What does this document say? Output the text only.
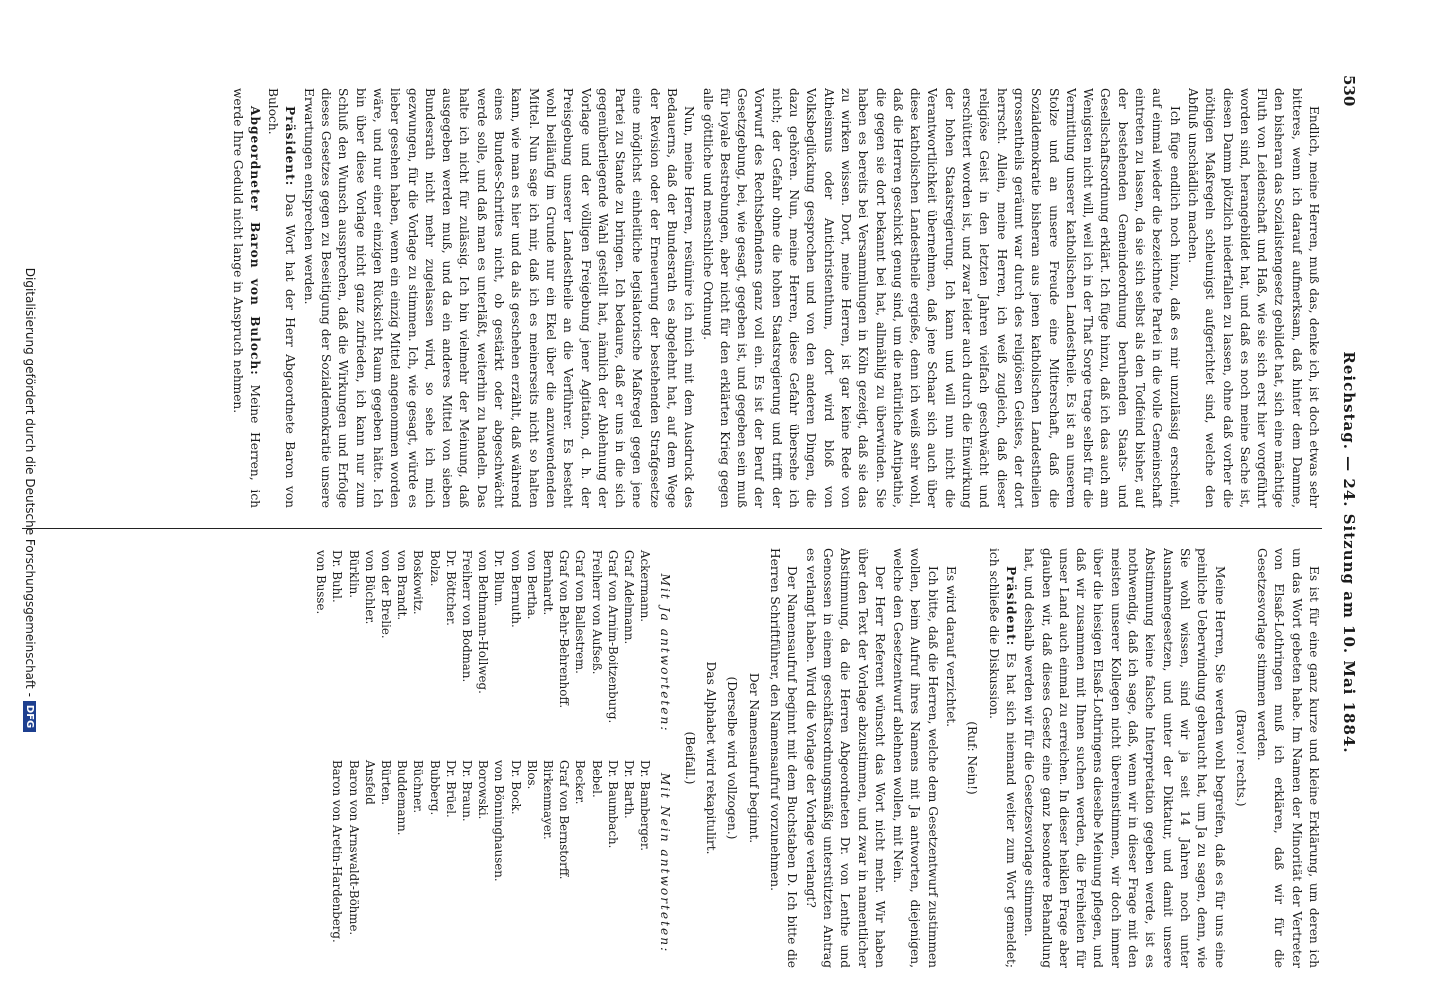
530
Reichstag. — 24. Sitzung am 10. Mai 1884.

Endlich, meine Herren, muß das, denke ich, ist doch etwas sehr bitteres, wenn ich darauf aufmerksam, daß hinter dem Damme, den bisheran das Sozialistengesetz gebildet hat, sich eine mächtige Fluth von Leidenschaft und Haß, wie sie sich erst hier vorgeführt worden sind, herangebildet hat, und daß es noch meine Sache ist, diesen Damm plötzlich niederfallen zu lassen, ohne daß vorher die nöthigen Maßregeln schleunigst aufgerichtet sind, welche den Abfluß unschädlich machen.

Ich füge endlich noch hinzu, daß es mir unzulässig erscheint, auf einmal wieder die bezeichnete Partei in die volle Gemeinschaft eintreten zu lassen, da sie sich selbst als den Todfeind bisher, auf der bestehenden Gemeindeordnung beruhenden Staats- und Gesellschaftsordnung erklärt. Ich füge hinzu, daß ich das auch am Wenigsten nicht will, weil ich in der That Sorge trage selbst für die Vermittlung unserer katholischen Landestheile. Es ist an unserem Stolze und an unsere Freude eine Mitterschaft, daß die Sozialdemokratie bisheran aus jenen katholischen Landestheilen grossentheils geräumt war durch des religiösen Geistes, der dort herrscht. Allein, meine Herren, ich weiß zugleich, daß dieser religiöse Geist in den letzten Jahren vielfach geschwächt und erschüttert worden ist, und zwar leider auch durch die Einwirkung der hohen Staatsregierung. Ich kann und will nun nicht die Verantwortlichkeit übernehmen, daß jene Schaar sich auch über diese katholischen Landestheile ergieße, denn ich weiß sehr wohl, daß die Herren geschickt genug sind, um die natürliche Antipathie, die gegen sie dort bekannt bei hat, allmählig zu überwinden. Sie haben es bereits bei Versammlungen in Köln gezeigt, daß sie das zu wirken wissen. Dort, meine Herren, ist gar keine Rede von Atheismus oder Antichristenthum, dort wird bloß von Volksbeglückung gesprochen und von den anderen Dingen, die dazu gehören. Nun, meine Herren, diese Gefahr übersehe ich nicht; der Gefahr ohne die hohen Staatsregierung und trifft der Vorwurf des Rechtsbefindens ganz voll ein. Es ist der Beruf der Gesetzgebung, bei, wie gesagt, gegeben ist, und gegeben sein muß für loyale Bestrebungen, aber nicht für den erklärten Krieg gegen alle göttliche und menschliche Ordnung.

Nun, meine Herren, resümire ich mich mit dem Ausdruck des Bedauerns, daß der Bundesrath es abgelehnt hat, auf dem Wege der Revision oder der Erneuerung der bestehenden Strafgesetze eine möglichst einheitliche legislatorische Maßregel gegen jene Partei zu Stande zu bringen. Ich bedaure, daß er uns in die sich gegenüberliegende Wahl gestellt hat, nämlich der Ablehnung der Vorlage und der völligen Freigebung jener Agitation, d. h. der Preisgebung unserer Landestheile an die Verführer. Es besteht wohl beiläufig im Grunde nur ein Ekel über die anzuwendenden Mittel. Nun sage ich mir, daß ich es meinerseits nicht so halten kann, wie man es hier und da als geschehen erzählt, daß während eines Bundes-Schrittes nicht, ob gestärkt oder abgeschwächt werde solle, und daß man es unterläßt, weiterhin zu handeln. Das halte ich nicht für zulässig. Ich bin vielmehr der Meinung, daß ausgegeben werden muß, und da ein anderes Mittel von sieben Bundesrath nicht mehr zugelassen wird, so sehe ich mich gezwungen, für die Vorlage zu stimmen. Ich, wie gesagt, würde es lieber gesehen haben, wenn ein einzig Mittel angenommen worden wäre, und nur einer einzigen Rücksicht Raum gegeben hätte. Ich bin über diese Vorlage nicht ganz zufrieden, ich kann nur zum Schluß den Wunsch aussprechen, daß die Wirkungen und Erfolge dieses Gesetzes gegen zu Beseitigung der Sozialdemokratie unsere Erwartungen entsprechen werden.

Präsident: Das Wort hat der Herr Abgeordnete Baron von Buloch.

Abgeordneter Baron von Buloch: Meine Herren, ich werde Ihre Geduld nicht lange in Anspruch nehmen.

Es ist für eine ganz kurze und kleine Erklärung, um deren ich um das Wort gebeten habe. Im Namen der Minorität der Vertreter von Elsaß-Lothringen muß ich erklären, daß wir für die Gesetzesvorlage stimmen werden.

(Bravo! rechts.)

Meine Herren, Sie werden wohl begreifen, daß es für uns eine peinliche Ueberwindung gebraucht hat, um Ja zu sagen, denn, wie Sie wohl wissen, sind wir ja seit 14 Jahren noch unter Ausnahmegesetzen, und unter der Diktatur, und damit unsere Abstimmung keine falsche Interpretation gegeben werde, ist es nothwendig, daß ich sage, daß, wenn wir in dieser Frage mit den meisten unserer Kollegen nicht übereinstimmen, wir doch immer über die hiesigen Elsaß-Lothringens dieselbe Meinung pflegen, und daß wir zusammen mit Ihnen suchen werden, die Freiheiten für unser Land auch einmal zu erreichen. In dieser heiklen Frage aber glauben wir, daß dieses Gesetz eine ganz besondere Behandlung hat, und deshalb werden wir für die Gesetzesvorlage stimmen.

Präsident: Es hat sich niemand weiter zum Wort gemeldet; ich schließe die Diskussion.

(Ruf: Nein!)

Es wird darauf verzichtet.

Ich bitte, daß die Herren, welche dem Gesetzentwurf zustimmen wollen, beim Aufruf ihres Namens mit Ja antworten, diejenigen, welche den Gesetzentwurf ablehnen wollen, mit Nein.

Der Herr Referent wünscht das Wort nicht mehr. Wir haben über den Text der Vorlage abzustimmen, und zwar in namentlicher Abstimmung, da die Herren Abgeordneten Dr. von Lenthe und Genossen in einem geschäftsordnungsmäßig unterstützten Antrag es verlangt haben. Wird die Vorlage der Vorlage verlangt?

Der Namensaufruf beginnt mit dem Buchstaben D. Ich bitte die Herren Schriftführer, den Namensaufruf vorzunehmen.

Der Namensaufruf beginnt.

(Derselbe wird vollzogen.)

Das Alphabet wird rekapitulirt.

(Beifall.)

Mit Ja antworteten:
Mit Nein antworteten:
Ackermann.
Graf Adelmann.
Graf von Arnim-Boitzenburg.
Freiherr von Aufseß.
Graf von Ballestrem.
Graf von Behr-Behrenhoff.
Bernhardt.
von Bertha.
von Bernuth.
Dr. Blum.
von Bethmann-Hollweg.
Freiherr von Bodman.
Dr. Böttcher.
Bolza.
Boskowitz.
von Brandt.
von der Brelie.
von Büchler.
Bürklin.
Dr. Buhl.
von Busse.
Dr. Bamberger.
Dr. Barth.
Dr. Baumbach.
Bebel.
Becker.
Graf von Bernstorff.
Birkenmayer.
Blos.
Dr. Bock.
von Bönninghausen.
Borowski.
Dr. Braun.
Dr. Brüel.
Bubberg.
Büchner.
Buddemann.
Bürten.
Ansfeld
Baron von Arnswaldt-Böhme.
Baron von Aretin-Hardenberg.
Digitalisierung gefördert durch die Deutsche Forschungsgemeinschaft -
DFG
